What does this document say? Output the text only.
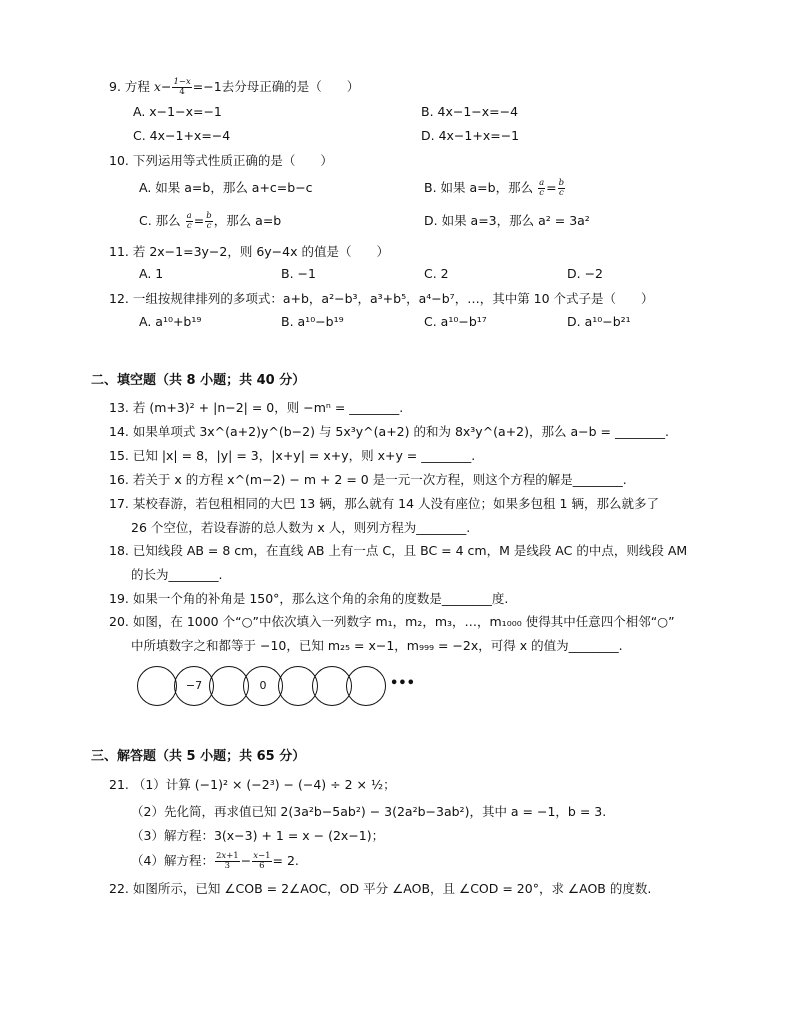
9. 方程 $x- \frac{1-x}{4} =-1$去分母正确的是（　　）
A. x−1−x=−1	B. 4x−1−x=−4
C. 4x−1+x=−4	D. 4x−1+x=−1
10. 下列运用等式性质正确的是（　　）
A. 如果 a=b，那么 a+c=b−c	B. 如果 a=b，那么 $\frac{a}{c} = \frac{b}{c}$
C. 那么 $\frac{a}{c} = \frac{b}{c}$ ，那么 a=b	D. 如果 a=3，那么 a² = 3a²
11. 若 2x−1=3y−2，则 6y−4x 的值是（　　）
A. 1	B. −1	C. 2	D. −2
12. 一组按规律排列的多项式：a+b，a²−b³，a³+b⁵，a⁴−b⁷，…，其中第 10 个式子是（　　）
A. a¹⁰+b¹⁹	B. a¹⁰−b¹⁹	C. a¹⁰−b¹⁷	D. a¹⁰−b²¹
二、填空题（共 8 小题；共 40 分）
13. 若 (m+3)² + |n−2| = 0，则 −mⁿ = ________.
14. 如果单项式 3x^(a+2)y^(b−2) 与 5x³y^(a+2) 的和为 8x³y^(a+2)，那么 a−b = ________.
15. 已知 |x| = 8，|y| = 3，|x+y| = x+y，则 x+y = ________.
16. 若关于 x 的方程 x^(m−2) − m + 2 = 0 是一元一次方程，则这个方程的解是________.
17. 某校春游，若包租相同的大巴 13 辆，那么就有 14 人没有座位；如果多包租 1 辆，那么就多了
26 个空位，若设春游的总人数为 x 人，则列方程为________.
18. 已知线段 AB = 8 cm，在直线 AB 上有一点 C，且 BC = 4 cm，M 是线段 AC 的中点，则线段 AM
的长为________.
19. 如果一个角的补角是 150°，那么这个角的余角的度数是________度.
20. 如图，在 1000 个“○”中依次填入一列数字 m₁，m₂，m₃，…，m₁₀₀₀ 使得其中任意四个相邻“○”
中所填数字之和都等于 −10，已知 m₂₅ = x−1，m₉₉₉ = −2x，可得 x 的值为________.
−7	0	•••
三、解答题（共 5 小题；共 65 分）
21. （1）计算 (−1)² × (−2³) − (−4) ÷ 2 × ½；
（2）先化简，再求值已知 2(3a²b−5ab²) − 3(2a²b−3ab²)，其中 a = −1，b = 3.
（3）解方程：3(x−3) + 1 = x − (2x−1)；
（4）解方程： $\frac{2x+1}{3} - \frac{x-1}{6} = 2$.
22. 如图所示，已知 ∠COB = 2∠AOC，OD 平分 ∠AOB，且 ∠COD = 20°，求 ∠AOB 的度数.
